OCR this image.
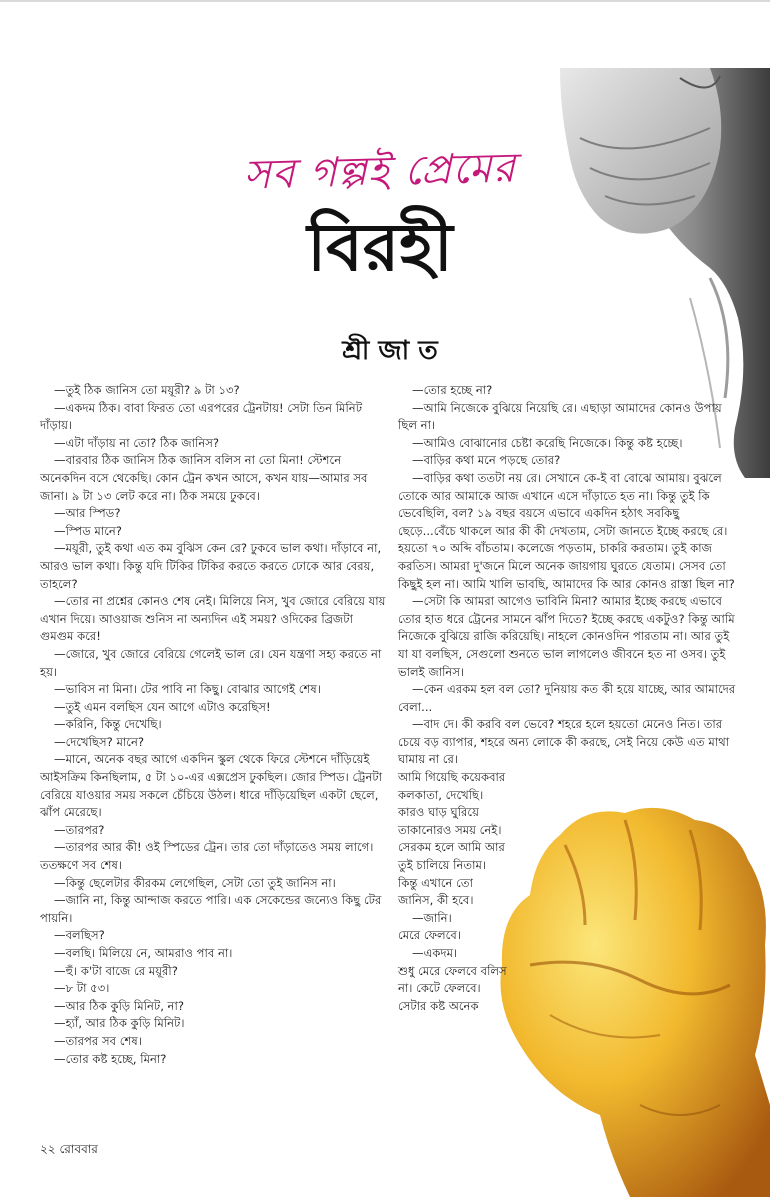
সব গল্পই প্রেমের
বিরহী
শ্রী জা ত

—তুই ঠিক জানিস তো ময়ূরী? ৯ টা ১৩?

—একদম ঠিক। বাবা ফিরত তো এরপরের ট্রেনটায়! সেটা তিন মিনিট দাঁড়ায়।

—এটা দাঁড়ায় না তো? ঠিক জানিস?

—বারবার ঠিক জানিস ঠিক জানিস বলিস না তো মিনা! স্টেশনে অনেকদিন বসে থেকেছি। কোন ট্রেন কখন আসে, কখন যায়—আমার সব জানা। ৯ টা ১৩ লেট করে না। ঠিক সময়ে ঢুকবে।

—আর স্পিড?

—স্পিড মানে?

—ময়ূরী, তুই কথা এত কম বুঝিস কেন রে? ঢুকবে ভাল কথা। দাঁড়াবে না, আরও ভাল কথা। কিন্তু যদি টিকির টিকির করতে করতে ঢোকে আর বেরয়, তাহলে?

—তোর না প্রশ্নের কোনও শেষ নেই। মিলিয়ে নিস, খুব জোরে বেরিয়ে যায় এখান দিয়ে। আওয়াজ শুনিস না অন্যদিন এই সময়? ওদিকের ব্রিজটা গুমগুম করে!

—জোরে, খুব জোরে বেরিয়ে গেলেই ভাল রে। যেন যন্ত্রণা সহ্য করতে না হয়।

—ভাবিস না মিনা। টের পাবি না কিছু। বোঝার আগেই শেষ।

—তুই এমন বলছিস যেন আগে এটাও করেছিস!

—করিনি, কিন্তু দেখেছি।

—দেখেছিস? মানে?

—মানে, অনেক বছর আগে একদিন স্কুল থেকে ফিরে স্টেশনে দাঁড়িয়েই আইসক্রিম কিনছিলাম, ৫ টা ১০-এর এক্সপ্রেস ঢুকছিল। জোর স্পিড। ট্রেনটা বেরিয়ে যাওয়ার সময় সকলে চেঁচিয়ে উঠল। ধারে দাঁড়িয়েছিল একটা ছেলে, ঝাঁপ মেরেছে।

—তারপর?

—তারপর আর কী! ওই স্পিডের ট্রেন। তার তো দাঁড়াতেও সময় লাগে। ততক্ষণে সব শেষ।

—কিন্তু ছেলেটার কীরকম লেগেছিল, সেটা তো তুই জানিস না।

—জানি না, কিন্তু আন্দাজ করতে পারি। এক সেকেন্ডের জন্যেও কিছু টের পায়নি।

—বলছিস?

—বলছি। মিলিয়ে নে, আমরাও পাব না।

—হুঁ। ক'টা বাজে রে ময়ূরী?

—৮ টা ৫৩।

—আর ঠিক কুড়ি মিনিট, না?

—হ্যাঁ, আর ঠিক কুড়ি মিনিট।

—তারপর সব শেষ।

—তোর কষ্ট হচ্ছে, মিনা?

—তোর হচ্ছে না?

—আমি নিজেকে বুঝিয়ে নিয়েছি রে। এছাড়া আমাদের কোনও উপায় ছিল না।

—আমিও বোঝানোর চেষ্টা করেছি নিজেকে। কিন্তু কষ্ট হচ্ছে।

—বাড়ির কথা মনে পড়ছে তোর?

—বাড়ির কথা ততটা নয় রে। সেখানে কে-ই বা বোঝে আমায়। বুঝলে তোকে আর আমাকে আজ এখানে এসে দাঁড়াতে হত না। কিন্তু তুই কি ভেবেছিলি, বল? ১৯ বছর বয়সে এভাবে একদিন হঠাৎ সবকিছু ছেড়ে...বেঁচে থাকলে আর কী কী দেখতাম, সেটা জানতে ইচ্ছে করছে রে। হয়তো ৭০ অব্দি বাঁচতাম। কলেজে পড়তাম, চাকরি করতাম। তুই কাজ করতিস। আমরা দু'জনে মিলে অনেক জায়গায় ঘুরতে যেতাম। সেসব তো কিছুই হল না। আমি খালি ভাবছি, আমাদের কি আর কোনও রাস্তা ছিল না?

—সেটা কি আমরা আগেও ভাবিনি মিনা? আমার ইচ্ছে করছে এভাবে তোর হাত ধরে ট্রেনের সামনে ঝাঁপ দিতে? ইচ্ছে করছে একটুও? কিন্তু আমি নিজেকে বুঝিয়ে রাজি করিয়েছি। নাহলে কোনওদিন পারতাম না। আর তুই যা যা বলছিস, সেগুলো শুনতে ভাল লাগলেও জীবনে হত না ওসব। তুই ভালই জানিস।

—কেন এরকম হল বল তো? দুনিয়ায় কত কী হয়ে যাচ্ছে, আর আমাদের বেলা...

—বাদ দে। কী করবি বল ভেবে? শহরে হলে হয়তো মেনেও নিত। তার চেয়ে বড় ব্যাপার, শহরে অন্য লোকে কী করছে, সেই নিয়ে কেউ এত মাথা ঘামায় না রে।

আমি গিয়েছি কয়েকবার কলকাতা, দেখেছি। কারও ঘাড় ঘুরিয়ে তাকানোরও সময় নেই। সেরকম হলে আমি আর তুই চালিয়ে নিতাম। কিন্তু এখানে তো জানিস, কী হবে।

—জানি।

মেরে ফেলবে।

—একদম।

শুধু মেরে ফেলবে বলিস না। কেটে ফেলবে। সেটার কষ্ট অনেক

২২ রোববার
